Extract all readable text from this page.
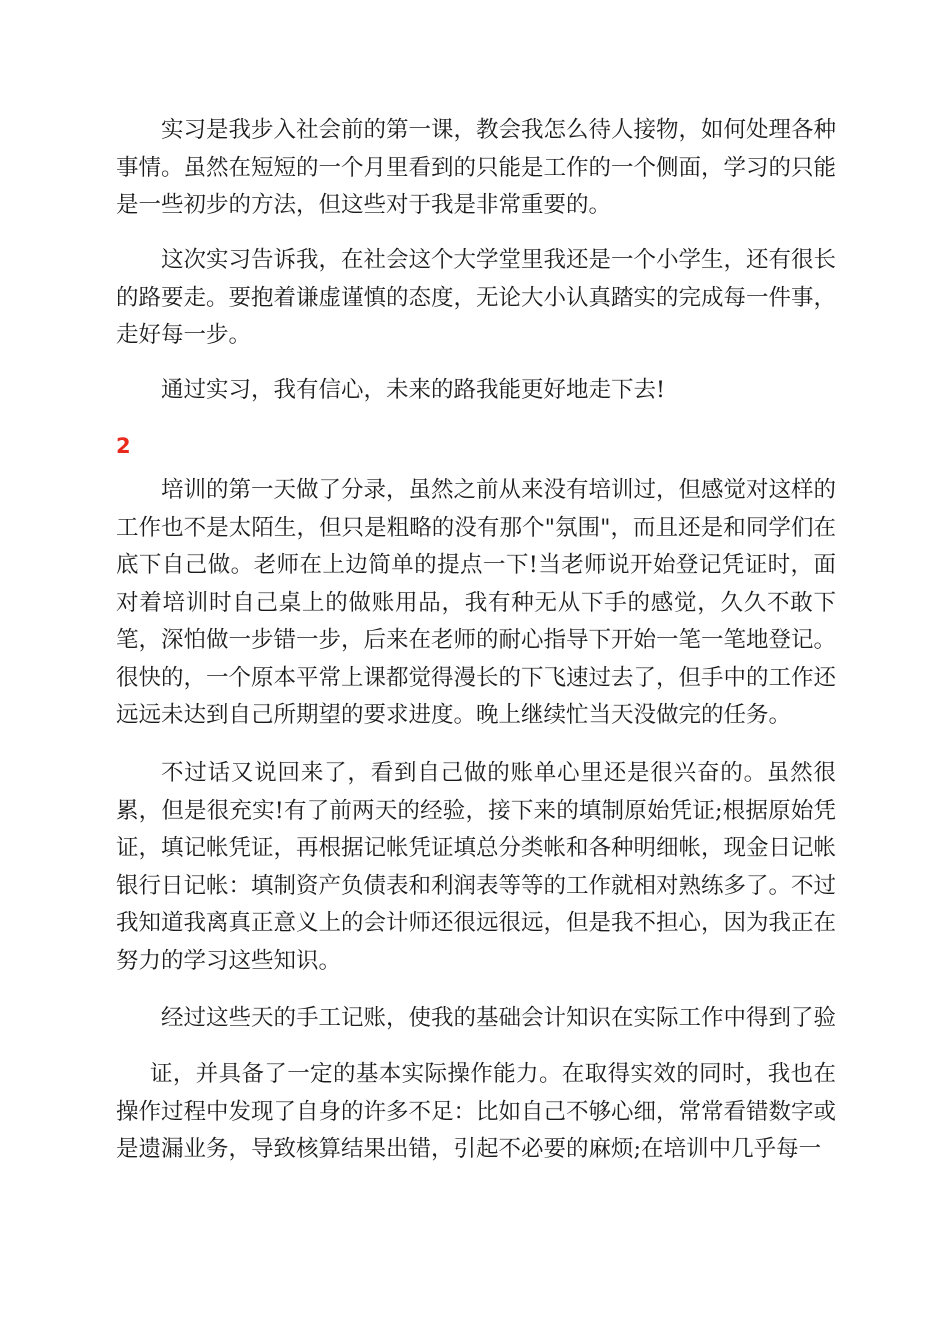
实习是我步入社会前的第一课，教会我怎么待人接物，如何处理各种事情。虽然在短短的一个月里看到的只能是工作的一个侧面，学习的只能是一些初步的方法，但这些对于我是非常重要的。

这次实习告诉我，在社会这个大学堂里我还是一个小学生，还有很长的路要走。要抱着谦虚谨慎的态度，无论大小认真踏实的完成每一件事，走好每一步。

通过实习，我有信心，未来的路我能更好地走下去!

2

培训的第一天做了分录，虽然之前从来没有培训过，但感觉对这样的工作也不是太陌生，但只是粗略的没有那个"氛围"，而且还是和同学们在底下自己做。老师在上边简单的提点一下!当老师说开始登记凭证时，面对着培训时自己桌上的做账用品，我有种无从下手的感觉，久久不敢下笔，深怕做一步错一步，后来在老师的耐心指导下开始一笔一笔地登记。很快的，一个原本平常上课都觉得漫长的下飞速过去了，但手中的工作还远远未达到自己所期望的要求进度。晚上继续忙当天没做完的任务。

不过话又说回来了，看到自己做的账单心里还是很兴奋的。虽然很累，但是很充实!有了前两天的经验，接下来的填制原始凭证;根据原始凭证，填记帐凭证，再根据记帐凭证填总分类帐和各种明细帐，现金日记帐银行日记帐：填制资产负债表和利润表等等的工作就相对熟练多了。不过我知道我离真正意义上的会计师还很远很远，但是我不担心，因为我正在努力的学习这些知识。

经过这些天的手工记账，使我的基础会计知识在实际工作中得到了验

证，并具备了一定的基本实际操作能力。在取得实效的同时，我也在操作过程中发现了自身的许多不足：比如自己不够心细，常常看错数字或是遗漏业务，导致核算结果出错，引起不必要的麻烦;在培训中几乎每一
